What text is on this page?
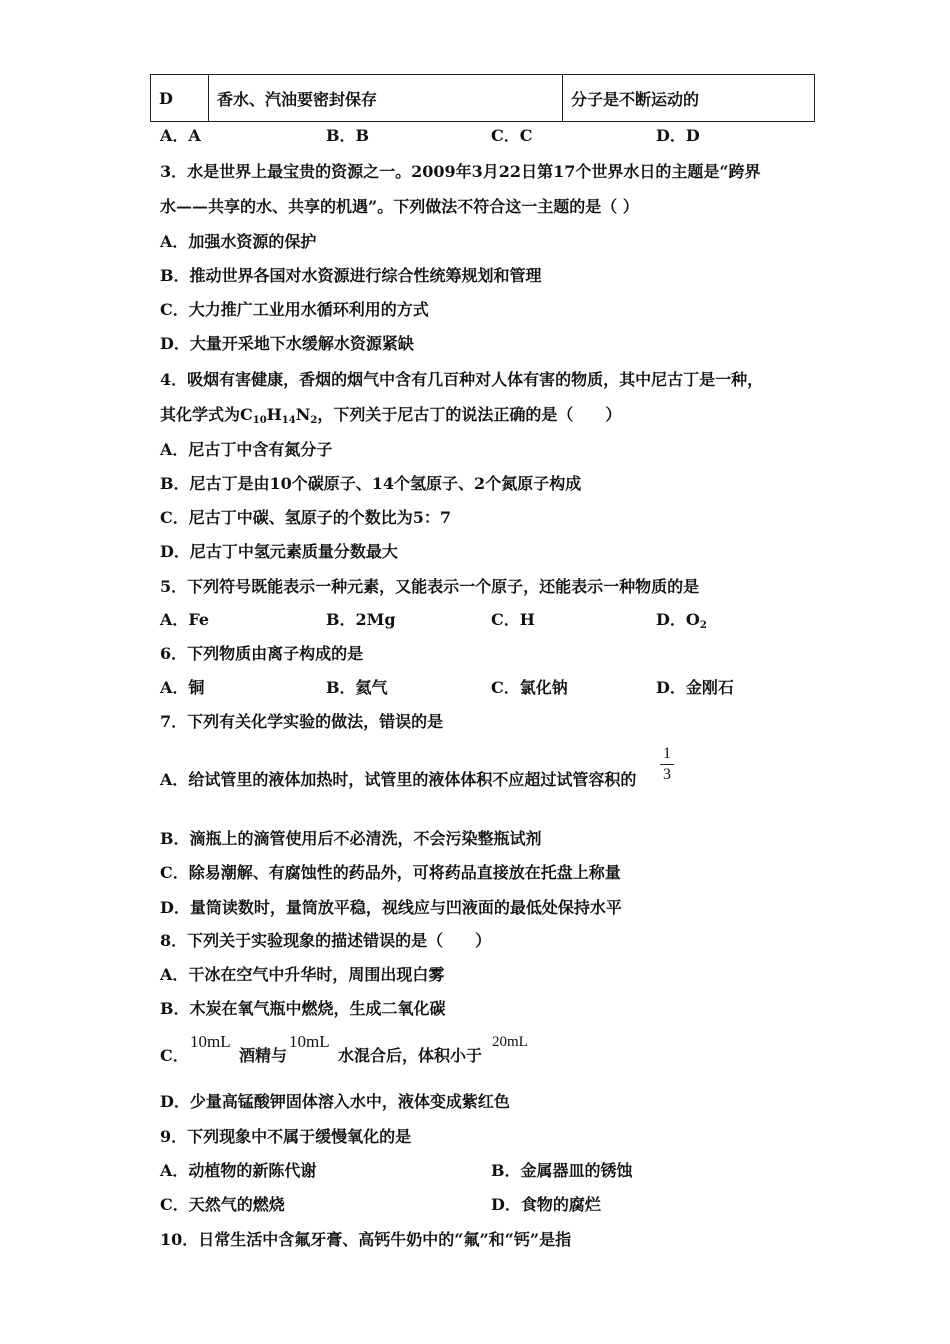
D	香水、汽油要密封保存	分子是不断运动的
A．A	B．B	C．C	D．D
3．水是世界上最宝贵的资源之一。2009年3月22日第17个世界水日的主题是“跨界
水——共享的水、共享的机遇”。下列做法不符合这一主题的是（ ）
A．加强水资源的保护
B．推动世界各国对水资源进行综合性统筹规划和管理
C．大力推广工业用水循环利用的方式
D．大量开采地下水缓解水资源紧缺
4．吸烟有害健康，香烟的烟气中含有几百种对人体有害的物质，其中尼古丁是一种，
其化学式为$C_{10}H_{14}N_2$，下列关于尼古丁的说法正确的是（　　）
A．尼古丁中含有氮分子
B．尼古丁是由10个碳原子、14个氢原子、2个氮原子构成
C．尼古丁中碳、氢原子的个数比为5：7
D．尼古丁中氢元素质量分数最大
5．下列符号既能表示一种元素，又能表示一个原子，还能表示一种物质的是
A．Fe	B．2Mg	C．H	D．$O_2$
6．下列物质由离子构成的是
A．铜	B．氦气	C．氯化钠	D．金刚石
7．下列有关化学实验的做法，错误的是
A．给试管里的液体加热时，试管里的液体体积不应超过试管容积的
1
3
B．滴瓶上的滴管使用后不必清洗，不会污染整瓶试剂
C．除易潮解、有腐蚀性的药品外，可将药品直接放在托盘上称量
D．量筒读数时，量筒放平稳，视线应与凹液面的最低处保持水平
8．下列关于实验现象的描述错误的是（　　）
A．干冰在空气中升华时，周围出现白雾
B．木炭在氧气瓶中燃烧，生成二氧化碳
C．
10mL
酒精与
10mL
水混合后，体积小于
20mL
D．少量高锰酸钾固体溶入水中，液体变成紫红色
9．下列现象中不属于缓慢氧化的是
A．动植物的新陈代谢	B．金属器皿的锈蚀
C．天然气的燃烧	D．食物的腐烂
10．日常生活中含氟牙膏、高钙牛奶中的“氟”和“钙”是指
